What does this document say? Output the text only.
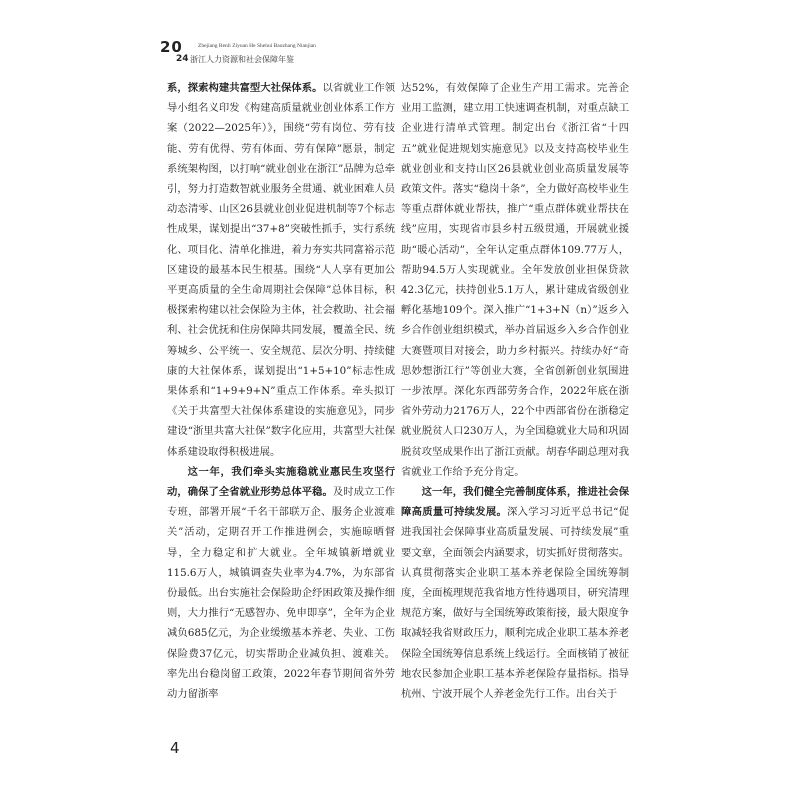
20
24
Zhejiang Renli Ziyuan He Shehui Baozhang Nianjian
浙江人力资源和社会保障年鉴

系，探索构建共富型大社保体系。以省就业工作领导小组名义印发《构建高质量就业创业体系工作方案（2022—2025年）》，围绕“劳有岗位、劳有技能、劳有优得、劳有体面、劳有保障”愿景，制定系统架构图，以打响“就业创业在浙江”品牌为总牵引，努力打造数智就业服务全贯通、就业困难人员动态清零、山区26县就业创业促进机制等7个标志性成果，谋划提出“37+8”突破性抓手，实行系统化、项目化、清单化推进，着力夯实共同富裕示范区建设的最基本民生根基。围绕“人人享有更加公平更高质量的全生命周期社会保障”总体目标，积极探索构建以社会保险为主体，社会救助、社会福利、社会优抚和住房保障共同发展，覆盖全民、统筹城乡、公平统一、安全规范、层次分明、持续健康的大社保体系，谋划提出“1+5+10”标志性成果体系和“1+9+9+N”重点工作体系。牵头拟订《关于共富型大社保体系建设的实施意见》，同步建设“浙里共富大社保”数字化应用，共富型大社保体系建设取得积极进展。

这一年，我们牵头实施稳就业惠民生攻坚行动，确保了全省就业形势总体平稳。及时成立工作专班，部署开展“千名干部联万企、服务企业渡难关”活动，定期召开工作推进例会，实施晾晒督导，全力稳定和扩大就业。全年城镇新增就业115.6万人，城镇调查失业率为4.7%，为东部省份最低。出台实施社会保险助企纾困政策及操作细则，大力推行“无感智办、免申即享”，全年为企业减负685亿元，为企业缓缴基本养老、失业、工伤保险费37亿元，切实帮助企业减负担、渡难关。率先出台稳岗留工政策，2022年春节期间省外劳动力留浙率

达52%，有效保障了企业生产用工需求。完善企业用工监测，建立用工快速调查机制，对重点缺工企业进行清单式管理。制定出台《浙江省“十四五”就业促进规划实施意见》以及支持高校毕业生就业创业和支持山区26县就业创业高质量发展等政策文件。落实“稳岗十条”，全力做好高校毕业生等重点群体就业帮扶，推广“重点群体就业帮扶在线”应用，实现省市县乡村五级贯通，开展就业援助“暖心活动”，全年认定重点群体109.77万人，帮助94.5万人实现就业。全年发放创业担保贷款42.3亿元，扶持创业5.1万人，累计建成省级创业孵化基地109个。深入推广“1+3+N（n）”返乡入乡合作创业组织模式，举办首届返乡入乡合作创业大赛暨项目对接会，助力乡村振兴。持续办好“奇思妙想浙江行”等创业大赛，全省创新创业氛围进一步浓厚。深化东西部劳务合作，2022年底在浙省外劳动力2176万人，22个中西部省份在浙稳定就业脱贫人口230万人，为全国稳就业大局和巩固脱贫攻坚成果作出了浙江贡献。胡春华副总理对我省就业工作给予充分肯定。

这一年，我们健全完善制度体系，推进社会保障高质量可持续发展。深入学习习近平总书记“促进我国社会保障事业高质量发展、可持续发展”重要文章，全面领会内涵要求，切实抓好贯彻落实。认真贯彻落实企业职工基本养老保险全国统筹制度，全面梳理规范我省地方性待遇项目，研究清理规范方案，做好与全国统筹政策衔接，最大限度争取减轻我省财政压力，顺利完成企业职工基本养老保险全国统筹信息系统上线运行。全面核销了被征地农民参加企业职工基本养老保险存量指标。指导杭州、宁波开展个人养老金先行工作。出台关于

4
